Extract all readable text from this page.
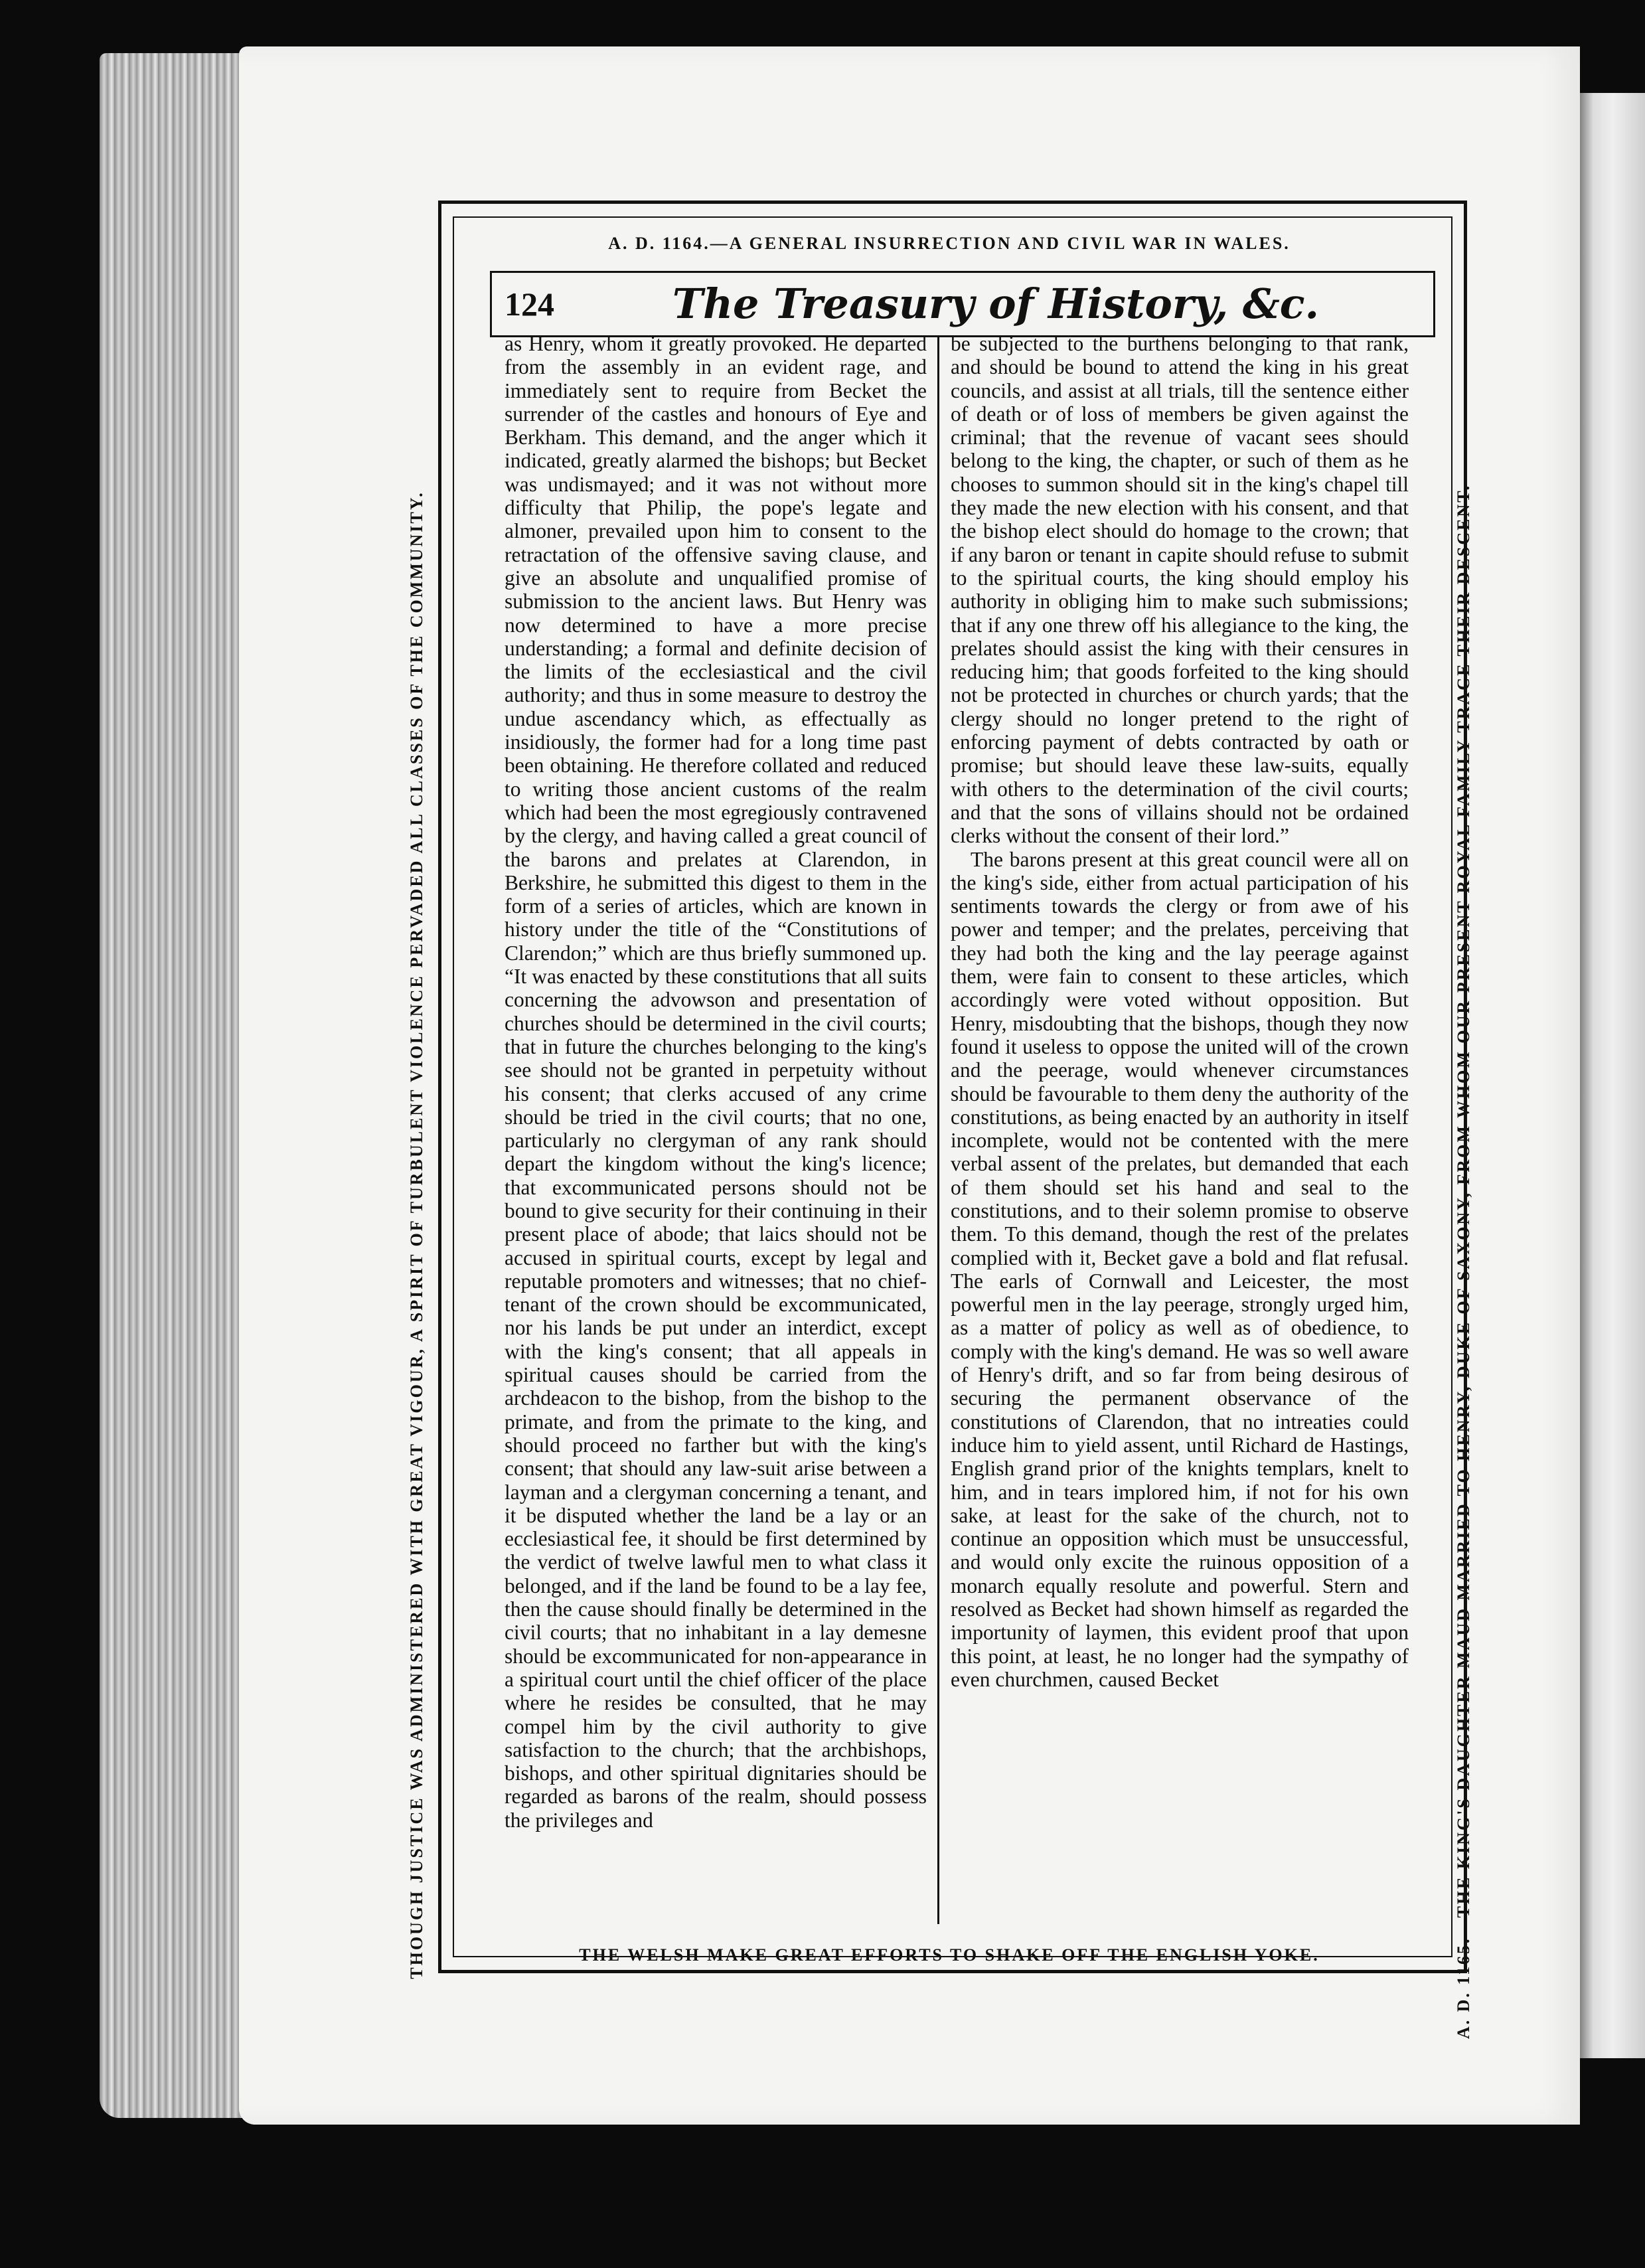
A. D. 1164.—A GENERAL INSURRECTION AND CIVIL WAR IN WALES.
THOUGH JUSTICE WAS ADMINISTERED WITH GREAT VIGOUR, A SPIRIT OF TURBULENT VIOLENCE PERVADED ALL CLASSES OF THE COMMUNITY.	A. D. 1165.—THE KING'S DAUGHTER MAUD MARRIED TO HENRY, DUKE OF SAXONY, FROM WHOM OUR PRESENT ROYAL FAMILY TRACE THEIR DESCENT.
THE WELSH MAKE GREAT EFFORTS TO SHAKE OFF THE ENGLISH YOKE.
124	The Treasury of History, &c.

as Henry, whom it greatly provoked. He departed from the assembly in an evident rage, and immediately sent to require from Becket the surrender of the castles and honours of Eye and Berkham. This demand, and the anger which it indicated, greatly alarmed the bishops; but Becket was undismayed; and it was not without more difficulty that Philip, the pope's legate and almoner, prevailed upon him to consent to the retractation of the offensive saving clause, and give an absolute and unqualified promise of submission to the ancient laws. But Henry was now determined to have a more precise understanding; a formal and definite decision of the limits of the ecclesiastical and the civil authority; and thus in some measure to destroy the undue ascendancy which, as effectually as insidiously, the former had for a long time past been obtaining. He therefore collated and reduced to writing those ancient customs of the realm which had been the most egregiously contravened by the clergy, and having called a great council of the barons and prelates at Clarendon, in Berkshire, he submitted this digest to them in the form of a series of articles, which are known in history under the title of the “Constitutions of Clarendon;” which are thus briefly summoned up. “It was enacted by these constitutions that all suits concerning the advowson and presentation of churches should be determined in the civil courts; that in future the churches belonging to the king's see should not be granted in perpetuity without his consent; that clerks accused of any crime should be tried in the civil courts; that no one, particularly no clergyman of any rank should depart the kingdom without the king's licence; that excommunicated persons should not be bound to give security for their continuing in their present place of abode; that laics should not be accused in spiritual courts, except by legal and reputable promoters and witnesses; that no chief-tenant of the crown should be excommunicated, nor his lands be put under an interdict, except with the king's consent; that all appeals in spiritual causes should be carried from the archdeacon to the bishop, from the bishop to the primate, and from the primate to the king, and should proceed no farther but with the king's consent; that should any law-suit arise between a layman and a clergyman concerning a tenant, and it be disputed whether the land be a lay or an ecclesiastical fee, it should be first determined by the verdict of twelve lawful men to what class it belonged, and if the land be found to be a lay fee, then the cause should finally be determined in the civil courts; that no inhabitant in a lay demesne should be excommunicated for non-appearance in a spiritual court until the chief officer of the place where he resides be consulted, that he may compel him by the civil authority to give satisfaction to the church; that the archbishops, bishops, and other spiritual dignitaries should be regarded as barons of the realm, should possess the privileges and

be subjected to the burthens belonging to that rank, and should be bound to attend the king in his great councils, and assist at all trials, till the sentence either of death or of loss of members be given against the criminal; that the revenue of vacant sees should belong to the king, the chapter, or such of them as he chooses to summon should sit in the king's chapel till they made the new election with his consent, and that the bishop elect should do homage to the crown; that if any baron or tenant in capite should refuse to submit to the spiritual courts, the king should employ his authority in obliging him to make such submissions; that if any one threw off his allegiance to the king, the prelates should assist the king with their censures in reducing him; that goods forfeited to the king should not be protected in churches or church yards; that the clergy should no longer pretend to the right of enforcing payment of debts contracted by oath or promise; but should leave these law-suits, equally with others to the determination of the civil courts; and that the sons of villains should not be ordained clerks without the consent of their lord.”

The barons present at this great council were all on the king's side, either from actual participation of his sentiments towards the clergy or from awe of his power and temper; and the prelates, perceiving that they had both the king and the lay peerage against them, were fain to consent to these articles, which accordingly were voted without opposition. But Henry, misdoubting that the bishops, though they now found it useless to oppose the united will of the crown and the peerage, would whenever circumstances should be favourable to them deny the authority of the constitutions, as being enacted by an authority in itself incomplete, would not be contented with the mere verbal assent of the prelates, but demanded that each of them should set his hand and seal to the constitutions, and to their solemn promise to observe them. To this demand, though the rest of the prelates complied with it, Becket gave a bold and flat refusal. The earls of Cornwall and Leicester, the most powerful men in the lay peerage, strongly urged him, as a matter of policy as well as of obedience, to comply with the king's demand. He was so well aware of Henry's drift, and so far from being desirous of securing the permanent observance of the constitutions of Clarendon, that no intreaties could induce him to yield assent, until Richard de Hastings, English grand prior of the knights templars, knelt to him, and in tears implored him, if not for his own sake, at least for the sake of the church, not to continue an opposition which must be unsuccessful, and would only excite the ruinous opposition of a monarch equally resolute and powerful. Stern and resolved as Becket had shown himself as regarded the importunity of laymen, this evident proof that upon this point, at least, he no longer had the sympathy of even churchmen, caused Becket
